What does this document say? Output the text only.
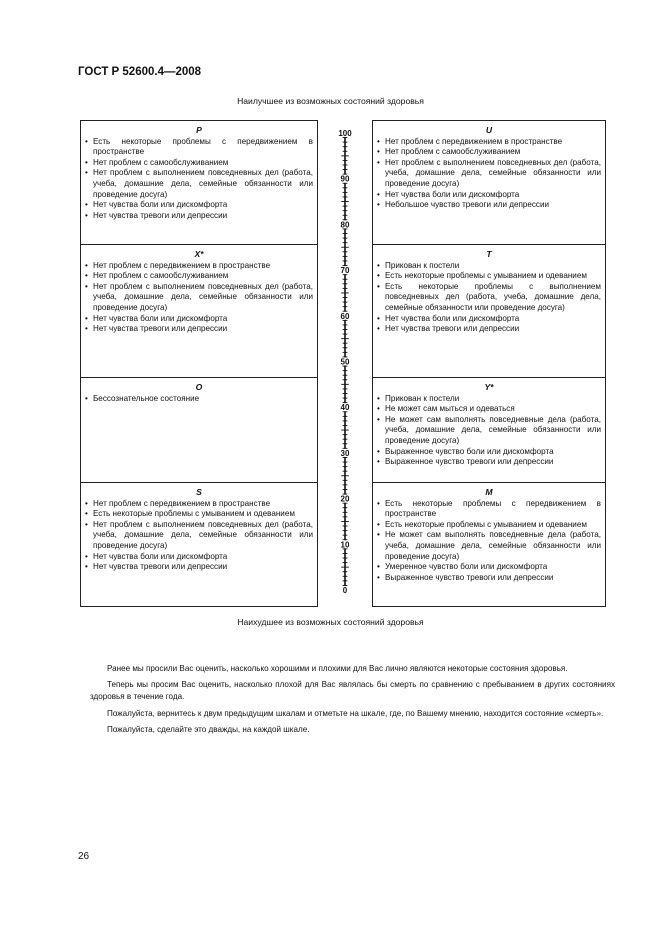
ГОСТ Р 52600.4—2008
Наилучшее из возможных состояний здоровья
P
• Есть некоторые проблемы с передвижением в пространстве
• Нет проблем с самообслуживанием
• Нет проблем с выполнением повседневных дел (работа, учеба, домашние дела, семейные обязанности или проведение досуга)
• Нет чувства боли или дискомфорта
• Нет чувства тревоги или депрессии
U
• Нет проблем с передвижением в пространстве
• Нет проблем с самообслуживанием
• Нет проблем с выполнением повседневных дел (работа, учеба, домашние дела, семейные обязанности или проведение досуга)
• Нет чувства боли или дискомфорта
• Небольшое чувство тревоги или депрессии
X*
• Нет проблем с передвижением в пространстве
• Нет проблем с самообслуживанием
• Нет проблем с выполнением повседневных дел (работа, учеба, домашние дела, семейные обязанности или проведение досуга)
• Нет чувства боли или дискомфорта
• Нет чувства тревоги или депрессии
T
• Прикован к постели
• Есть некоторые проблемы с умыванием и одеванием
• Есть некоторые проблемы с выполнением повседневных дел (работа, учеба, домашние дела, семейные обязанности или проведение досуга)
• Нет чувства боли или дискомфорта
• Нет чувства тревоги или депрессии
O
• Бессознательное состояние
Y*
• Прикован к постели
• Не может сам мыться и одеваться
• Не может сам выполнять повседневные дела (работа, учеба, домашние дела, семейные обязанности или проведение досуга)
• Выраженное чувство боли или дискомфорта
• Выраженное чувство тревоги или депрессии
S
• Нет проблем с передвижением в пространстве
• Есть некоторые проблемы с умыванием и одеванием
• Нет проблем с выполнением повседневных дел (работа, учеба, домашние дела, семейные обязанности или проведение досуга)
• Нет чувства боли или дискомфорта
• Нет чувства тревоги или депрессии
M
• Есть некоторые проблемы с передвижением в пространстве
• Есть некоторые проблемы с умыванием и одеванием
• Не может сам выполнять повседневные дела (работа, учеба, домашние дела, семейные обязанности или проведение досуга)
• Умеренное чувство боли или дискомфорта
• Выраженное чувство тревоги или депрессии
100
90
80
70
60
50
40
30
20
10
0
Наихудшее из возможных состояний здоровья

Ранее мы просили Вас оценить, насколько хорошими и плохими для Вас лично являются некоторые состояния здоровья.

Теперь мы просим Вас оценить, насколько плохой для Вас являлась бы смерть по сравнению с пребыванием в других состояниях здоровья в течение года.

Пожалуйста, вернитесь к двум предыдущим шкалам и отметьте на шкале, где, по Вашему мнению, находится состояние «смерть».

Пожалуйста, сделайте это дважды, на каждой шкале.

26
